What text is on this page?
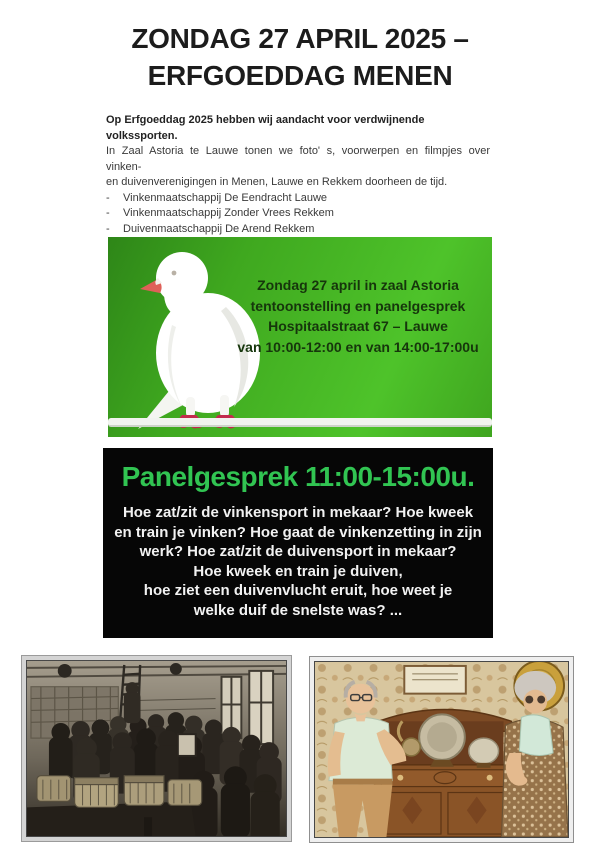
ZONDAG 27 APRIL 2025 –
ERFGOEDDAG MENEN

Op Erfgoeddag 2025 hebben wij aandacht voor verdwijnende volkssporten.

In Zaal Astoria te Lauwe tonen we foto' s, voorwerpen en filmpjes over

vinken-

en duivenverenigingen in Menen, Lauwe en Rekkem doorheen de tijd.

-	Vinkenmaatschappij De Eendracht Lauwe
-	Vinkenmaatschappij Zonder Vrees Rekkem
-	Duivenmaatschappij De Arend Rekkem
Zondag 27 april in zaal Astoria
tentoonstelling en panelgesprek
Hospitaalstraat 67 – Lauwe
van 10:00-12:00 en van 14:00-17:00u
Panelgesprek 11:00-15:00u.
Hoe zat/zit de vinkensport in mekaar? Hoe kweek
en train je vinken? Hoe gaat de vinkenzetting in zijn
werk? Hoe zat/zit de duivensport in mekaar?
Hoe kweek en train je duiven,
hoe ziet een duivenvlucht eruit, hoe weet je
welke duif de snelste was? ...
